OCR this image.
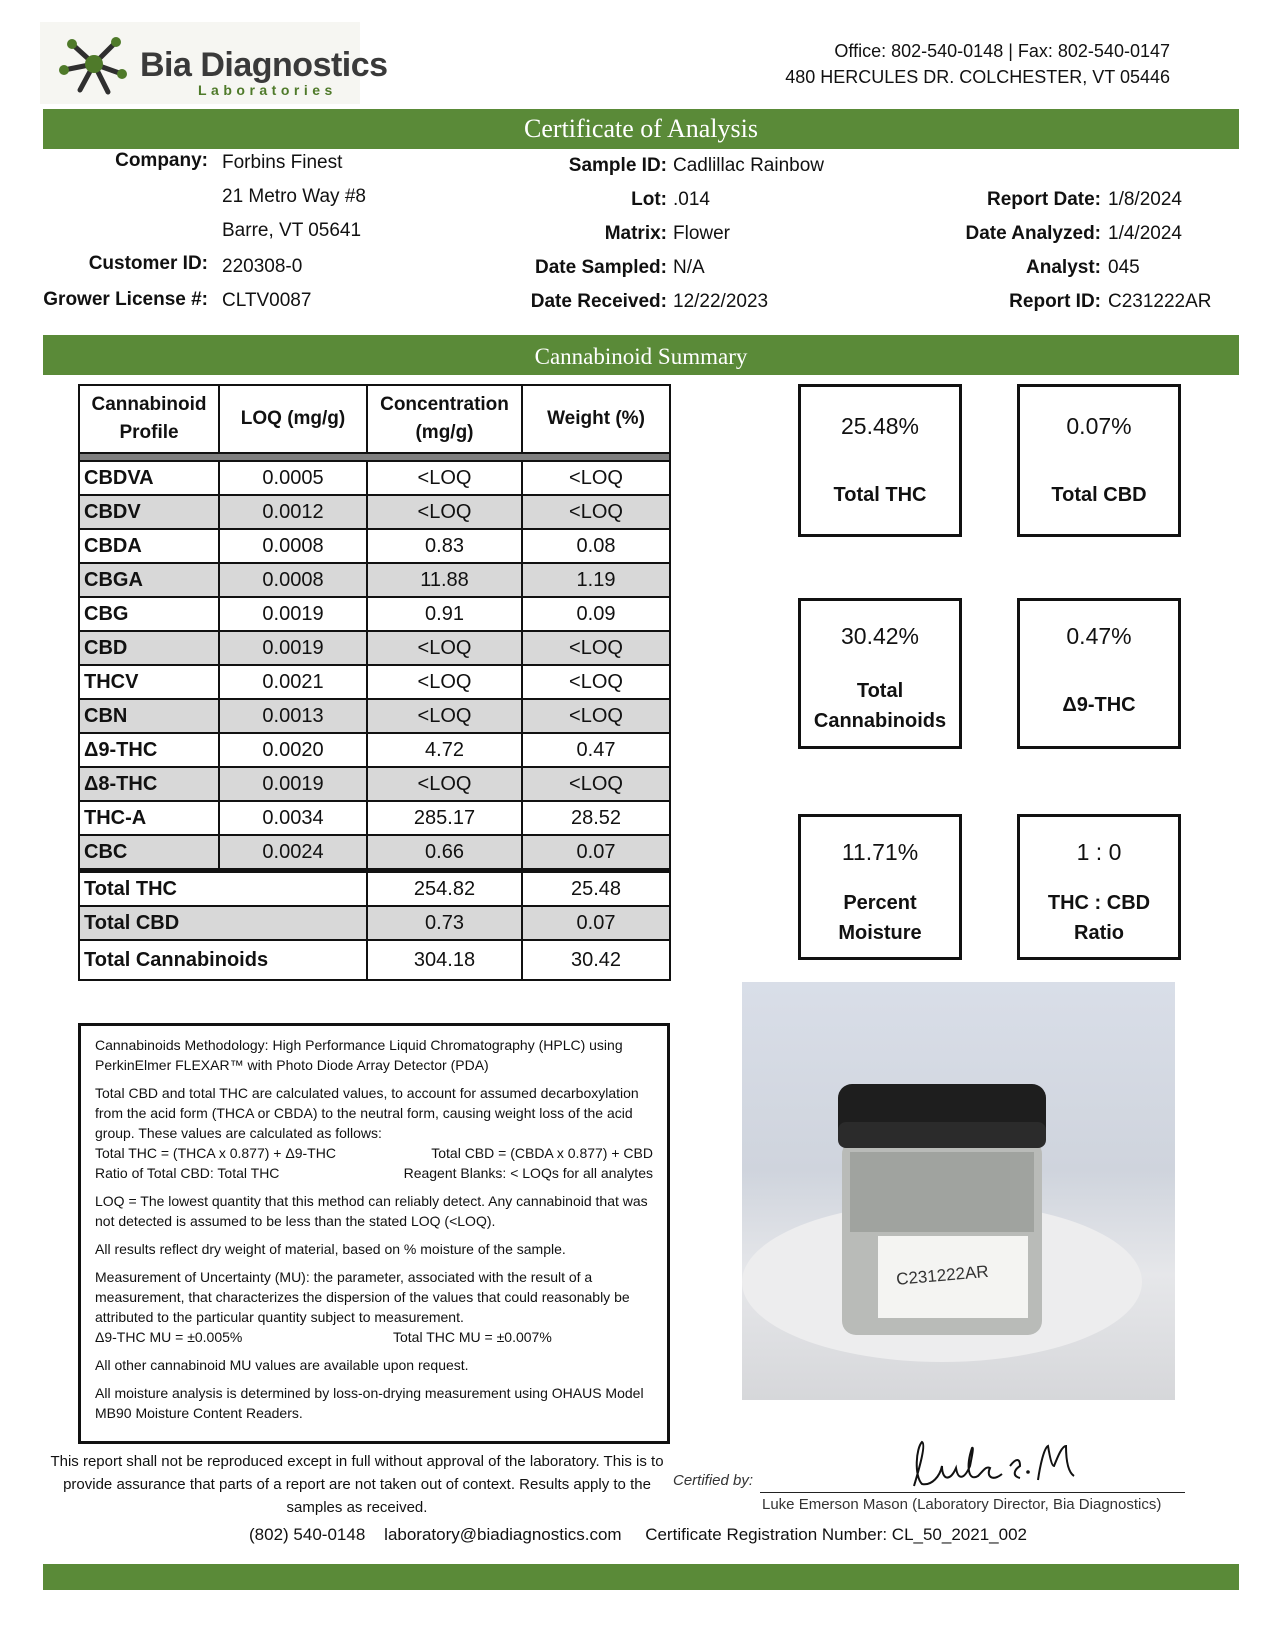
Bia Diagnostics
Laboratories
Office: 802-540-0148 | Fax: 802-540-0147
480 HERCULES DR. COLCHESTER, VT 05446
Certificate of Analysis
Company: Forbins Finest
21 Metro Way #8
Barre, VT 05641
Customer ID: 220308-0
Grower License #: CLTV0087
Sample ID: Cadlillac Rainbow
Lot: .014
Matrix: Flower
Date Sampled: N/A
Date Received: 12/22/2023
Report Date: 1/8/2024
Date Analyzed: 1/4/2024
Analyst: 045
Report ID: C231222AR
Cannabinoid Summary
Cannabinoid Profile	LOQ (mg/g)	Concentration (mg/g)	Weight (%)

CBDVA	0.0005	<LOQ	<LOQ
CBDV	0.0012	<LOQ	<LOQ
CBDA	0.0008	0.83	0.08
CBGA	0.0008	11.88	1.19
CBG	0.0019	0.91	0.09
CBD	0.0019	<LOQ	<LOQ
THCV	0.0021	<LOQ	<LOQ
CBN	0.0013	<LOQ	<LOQ
Δ9-THC	0.0020	4.72	0.47
Δ8-THC	0.0019	<LOQ	<LOQ
THC-A	0.0034	285.17	28.52
CBC	0.0024	0.66	0.07
Total THC		254.82	25.48
Total CBD		0.73	0.07
Total Cannabinoids		304.18	30.42
25.48%
Total THC
0.07%
Total CBD
30.42%
Total
Cannabinoids
0.47%
Δ9-THC
11.71%
Percent
Moisture
1 : 0
THC : CBD
Ratio

Cannabinoids Methodology: High Performance Liquid Chromatography (HPLC) using PerkinElmer FLEXAR™ with Photo Diode Array Detector (PDA)

Total CBD and total THC are calculated values, to account for assumed decarboxylation from the acid form (THCA or CBDA) to the neutral form, causing weight loss of the acid group. These values are calculated as follows:

Total THC = (THCA x 0.877) + Δ9-THC	Total CBD = (CBDA x 0.877) + CBD
Ratio of Total CBD: Total THC	Reagent Blanks: < LOQs for all analytes

LOQ = The lowest quantity that this method can reliably detect. Any cannabinoid that was not detected is assumed to be less than the stated LOQ (<LOQ).

All results reflect dry weight of material, based on % moisture of the sample.

Measurement of Uncertainty (MU): the parameter, associated with the result of a measurement, that characterizes the dispersion of the values that could reasonably be attributed to the particular quantity subject to measurement.

Δ9-THC MU = ±0.005%	Total THC MU = ±0.007%

All other cannabinoid MU values are available upon request.

All moisture analysis is determined by loss-on-drying measurement using OHAUS Model MB90 Moisture Content Readers.

C231222AR
This report shall not be reproduced except in full without approval of the laboratory. This is to provide assurance that parts of a report are not taken out of context. Results apply to the samples as received.
Certified by:
Luke Emerson Mason (Laboratory Director, Bia Diagnostics)
(802) 540-0148    laboratory@biadiagnostics.com     Certificate Registration Number: CL_50_2021_002
